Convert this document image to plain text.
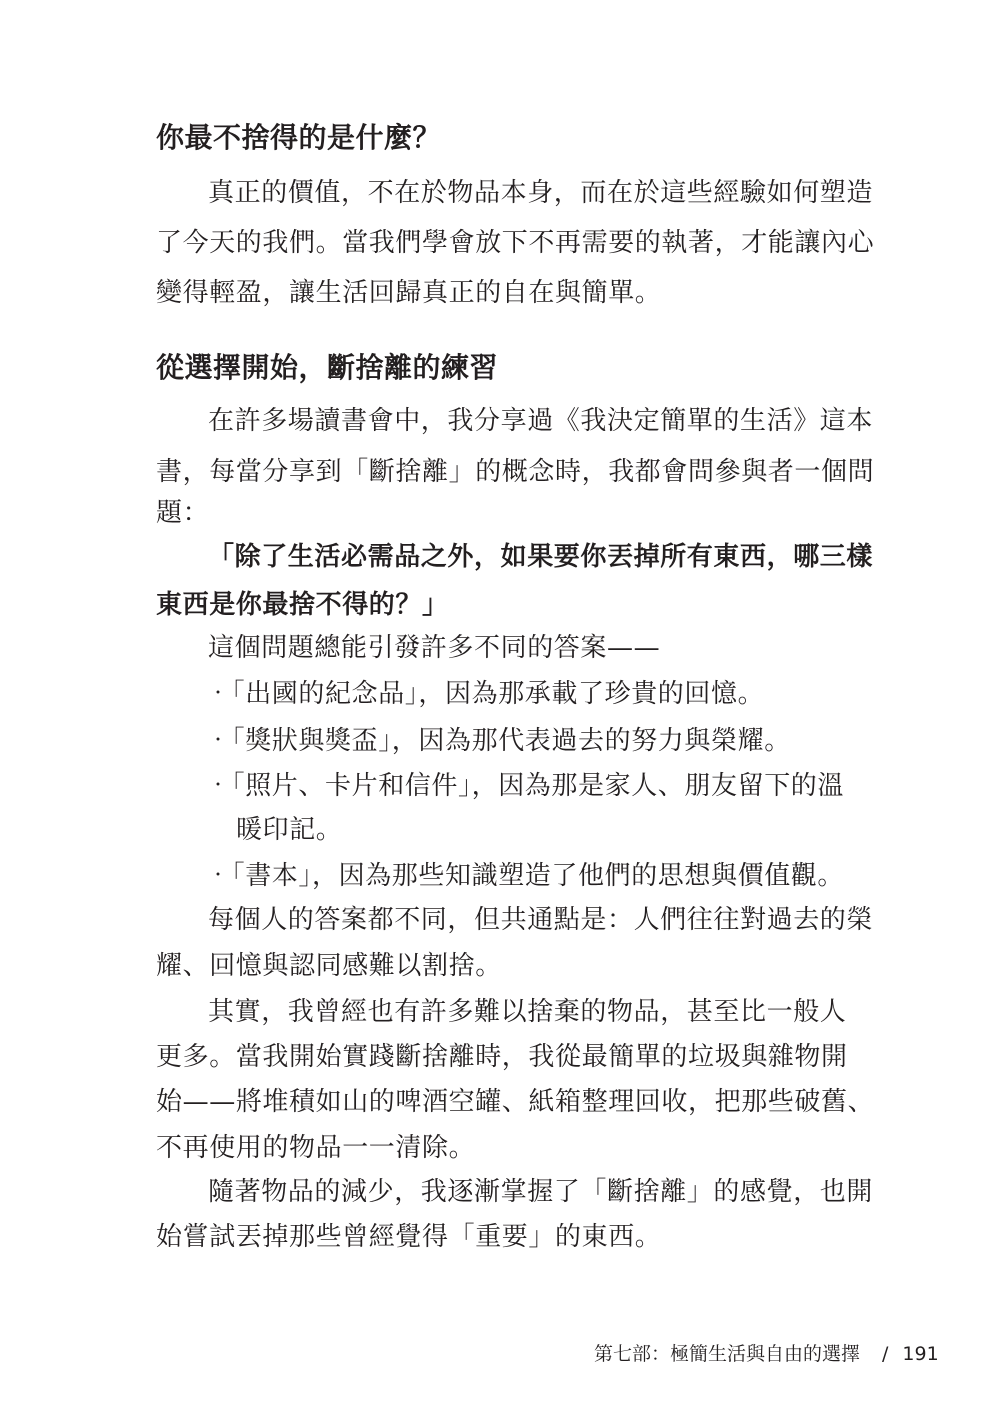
你最不捨得的是什麼？
真正的價值，不在於物品本身，而在於這些經驗如何塑造
了今天的我們。當我們學會放下不再需要的執著，才能讓內心
變得輕盈，讓生活回歸真正的自在與簡單。
從選擇開始，斷捨離的練習
在許多場讀書會中，我分享過《我決定簡單的生活》這本
書，每當分享到「斷捨離」的概念時，我都會問參與者一個問
題：
「除了生活必需品之外，如果要你丟掉所有東西，哪三樣
東西是你最捨不得的？」
這個問題總能引發許多不同的答案——
‧「出國的紀念品」，因為那承載了珍貴的回憶。
‧「獎狀與獎盃」，因為那代表過去的努力與榮耀。
‧「照片、卡片和信件」，因為那是家人、朋友留下的溫
暖印記。
‧「書本」，因為那些知識塑造了他們的思想與價值觀。
每個人的答案都不同，但共通點是：人們往往對過去的榮
耀、回憶與認同感難以割捨。
其實，我曾經也有許多難以捨棄的物品，甚至比一般人
更多。當我開始實踐斷捨離時，我從最簡單的垃圾與雜物開
始——將堆積如山的啤酒空罐、紙箱整理回收，把那些破舊、
不再使用的物品一一清除。
隨著物品的減少，我逐漸掌握了「斷捨離」的感覺，也開
始嘗試丟掉那些曾經覺得「重要」的東西。
第七部：極簡生活與自由的選擇 / 191
